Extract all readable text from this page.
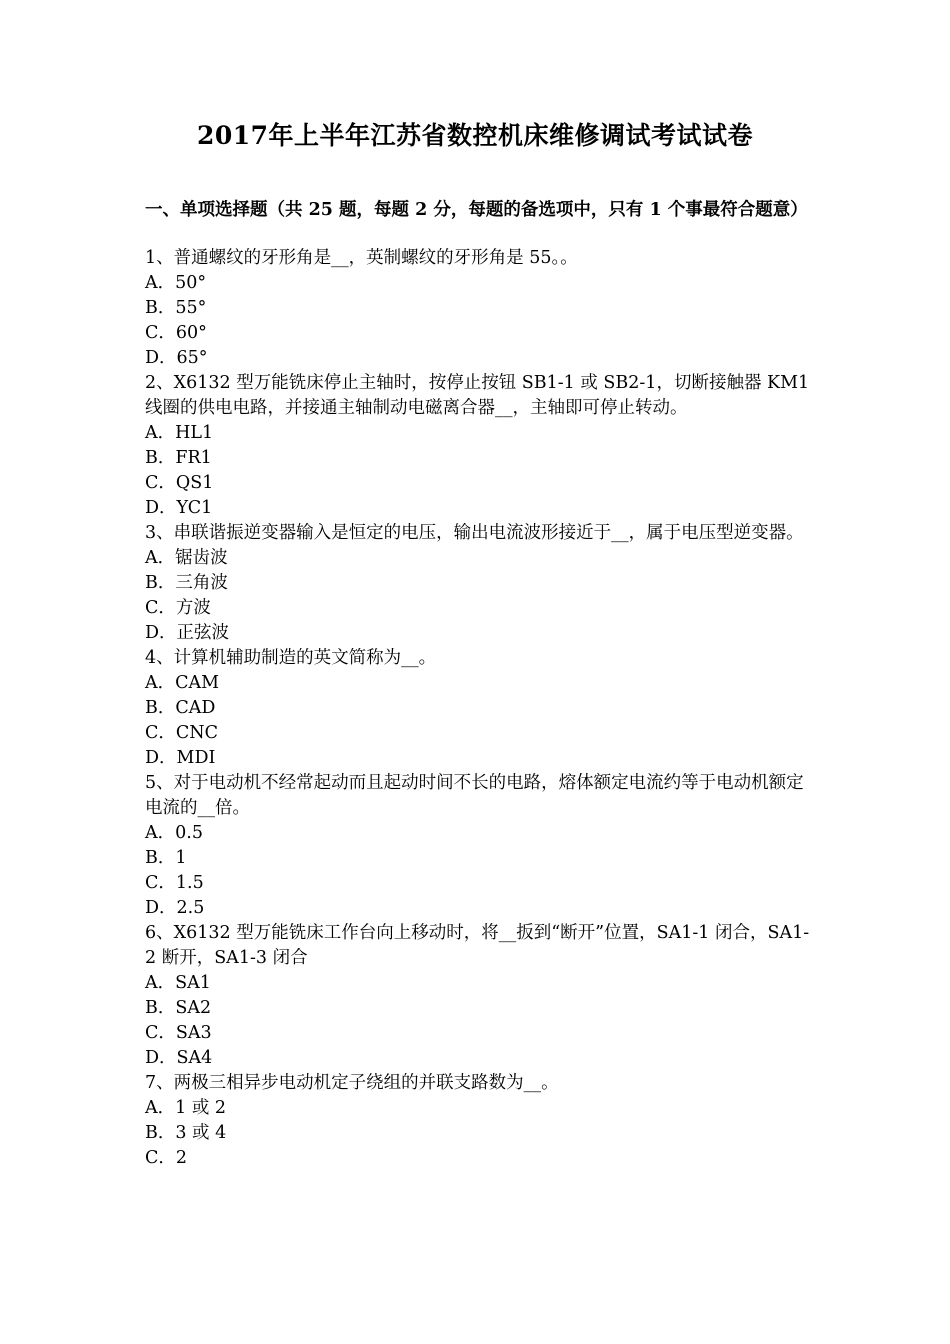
2017年上半年江苏省数控机床维修调试考试试卷
一、单项选择题（共 25 题，每题 2 分，每题的备选项中，只有 1 个事最符合题意）
1、普通螺纹的牙形角是__，英制螺纹的牙形角是 55。。
A．50°
B．55°
C．60°
D．65°
2、X6132 型万能铣床停止主轴时，按停止按钮 SB1-1 或 SB2-1，切断接触器 KM1 线圈的供电电路，并接通主轴制动电磁离合器__，主轴即可停止转动。
A．HL1
B．FR1
C．QS1
D．YC1
3、串联谐振逆变器输入是恒定的电压，输出电流波形接近于__，属于电压型逆变器。
A．锯齿波
B．三角波
C．方波
D．正弦波
4、计算机辅助制造的英文简称为__。
A．CAM
B．CAD
C．CNC
D．MDI
5、对于电动机不经常起动而且起动时间不长的电路，熔体额定电流约等于电动机额定电流的__倍。
A．0.5
B．1
C．1.5
D．2.5
6、X6132 型万能铣床工作台向上移动时，将__扳到“断开”位置，SA1-1 闭合，SA1-2 断开，SA1-3 闭合
A．SA1
B．SA2
C．SA3
D．SA4
7、两极三相异步电动机定子绕组的并联支路数为__。
A．1 或 2
B．3 或 4
C．2
